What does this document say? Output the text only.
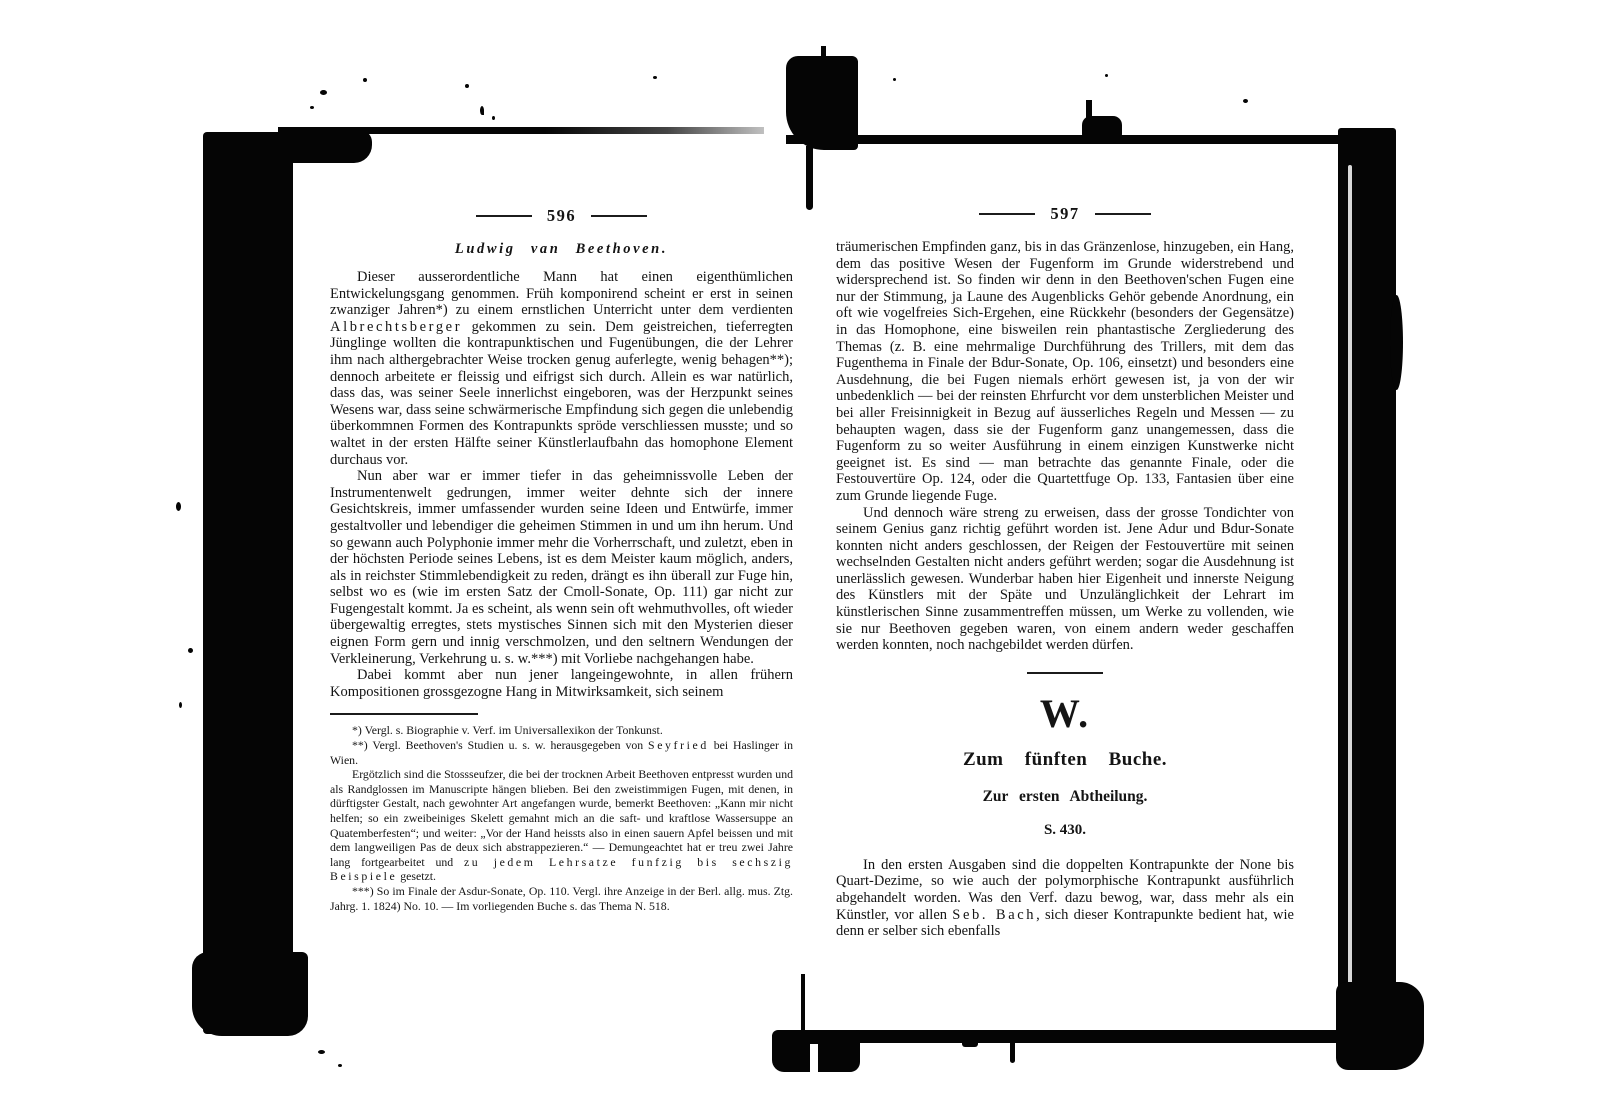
596
Ludwig van Beethoven.

Dieser ausserordentliche Mann hat einen eigenthümlichen Entwickelungsgang genommen. Früh komponirend scheint er erst in seinen zwanziger Jahren*) zu einem ernstlichen Unterricht unter dem verdienten Albrechtsberger gekommen zu sein. Dem geistreichen, tieferregten Jünglinge wollten die kontrapunktischen und Fugenübungen, die der Lehrer ihm nach althergebrachter Weise trocken genug auferlegte, wenig behagen**); dennoch arbeitete er fleissig und eifrigst sich durch. Allein es war natürlich, dass das, was seiner Seele innerlichst eingeboren, was der Herzpunkt seines Wesens war, dass seine schwärmerische Empfindung sich gegen die unlebendig überkommnen Formen des Kontrapunkts spröde verschliessen musste; und so waltet in der ersten Hälfte seiner Künstlerlaufbahn das homophone Element durchaus vor.

Nun aber war er immer tiefer in das geheimnissvolle Leben der Instrumentenwelt gedrungen, immer weiter dehnte sich der innere Gesichtskreis, immer umfassender wurden seine Ideen und Entwürfe, immer gestaltvoller und lebendiger die geheimen Stimmen in und um ihn herum. Und so gewann auch Polyphonie immer mehr die Vorherrschaft, und zuletzt, eben in der höchsten Periode seines Lebens, ist es dem Meister kaum möglich, anders, als in reichster Stimmlebendigkeit zu reden, drängt es ihn überall zur Fuge hin, selbst wo es (wie im ersten Satz der Cmoll-Sonate, Op. 111) gar nicht zur Fugengestalt kommt. Ja es scheint, als wenn sein oft wehmuthvolles, oft wieder übergewaltig erregtes, stets mystisches Sinnen sich mit den Mysterien dieser eignen Form gern und innig verschmolzen, und den seltnern Wendungen der Verkleinerung, Verkehrung u. s. w.***) mit Vorliebe nachgehangen habe.

Dabei kommt aber nun jener langeingewohnte, in allen frühern Kompositionen grossgezogne Hang in Mitwirksamkeit, sich seinem

*) Vergl. s. Biographie v. Verf. im Universallexikon der Tonkunst.

**) Vergl. Beethoven's Studien u. s. w. herausgegeben von Seyfried bei Haslinger in Wien.

Ergötzlich sind die Stossseufzer, die bei der trocknen Arbeit Beethoven entpresst wurden und als Randglossen im Manuscripte hängen blieben. Bei den zweistimmigen Fugen, mit denen, in dürftigster Gestalt, nach gewohnter Art angefangen wurde, bemerkt Beethoven: „Kann mir nicht helfen; so ein zweibeiniges Skelett gemahnt mich an die saft- und kraftlose Wassersuppe an Quatemberfesten“; und weiter: „Vor der Hand heissts also in einen sauern Apfel beissen und mit dem langweiligen Pas de deux sich abstrappezieren.“ — Demungeachtet hat er treu zwei Jahre lang fortgearbeitet und zu jedem Lehrsatze funfzig bis sechszig Beispiele gesetzt.

***) So im Finale der Asdur-Sonate, Op. 110. Vergl. ihre Anzeige in der Berl. allg. mus. Ztg. Jahrg. 1. 1824) No. 10. — Im vorliegenden Buche s. das Thema N. 518.

597

träumerischen Empfinden ganz, bis in das Gränzenlose, hinzugeben, ein Hang, dem das positive Wesen der Fugenform im Grunde widerstrebend und widersprechend ist. So finden wir denn in den Beethoven'schen Fugen eine nur der Stimmung, ja Laune des Augenblicks Gehör gebende Anordnung, ein oft wie vogelfreies Sich-Ergehen, eine Rückkehr (besonders der Gegensätze) in das Homophone, eine bisweilen rein phantastische Zergliederung des Themas (z. B. eine mehrmalige Durchführung des Trillers, mit dem das Fugenthema in Finale der Bdur-Sonate, Op. 106, einsetzt) und besonders eine Ausdehnung, die bei Fugen niemals erhört gewesen ist, ja von der wir unbedenklich — bei der reinsten Ehrfurcht vor dem unsterblichen Meister und bei aller Freisinnigkeit in Bezug auf äusserliches Regeln und Messen — zu behaupten wagen, dass sie der Fugenform ganz unangemessen, dass die Fugenform zu so weiter Ausführung in einem einzigen Kunstwerke nicht geeignet ist. Es sind — man betrachte das genannte Finale, oder die Festouvertüre Op. 124, oder die Quartettfuge Op. 133, Fantasien über eine zum Grunde liegende Fuge.

Und dennoch wäre streng zu erweisen, dass der grosse Tondichter von seinem Genius ganz richtig geführt worden ist. Jene Adur und Bdur-Sonate konnten nicht anders geschlossen, der Reigen der Festouvertüre mit seinen wechselnden Gestalten nicht anders geführt werden; sogar die Ausdehnung ist unerlässlich gewesen. Wunderbar haben hier Eigenheit und innerste Neigung des Künstlers mit der Späte und Unzulänglichkeit der Lehrart im künstlerischen Sinne zusammentreffen müssen, um Werke zu vollenden, wie sie nur Beethoven gegeben waren, von einem andern weder geschaffen werden konnten, noch nachgebildet werden dürfen.

W.
Zum fünften Buche.
Zur ersten Abtheilung.
S. 430.

In den ersten Ausgaben sind die doppelten Kontrapunkte der None bis Quart-Dezime, so wie auch der polymorphische Kontrapunkt ausführlich abgehandelt worden. Was den Verf. dazu bewog, war, dass mehr als ein Künstler, vor allen Seb. Bach, sich dieser Kontrapunkte bedient hat, wie denn er selber sich ebenfalls
